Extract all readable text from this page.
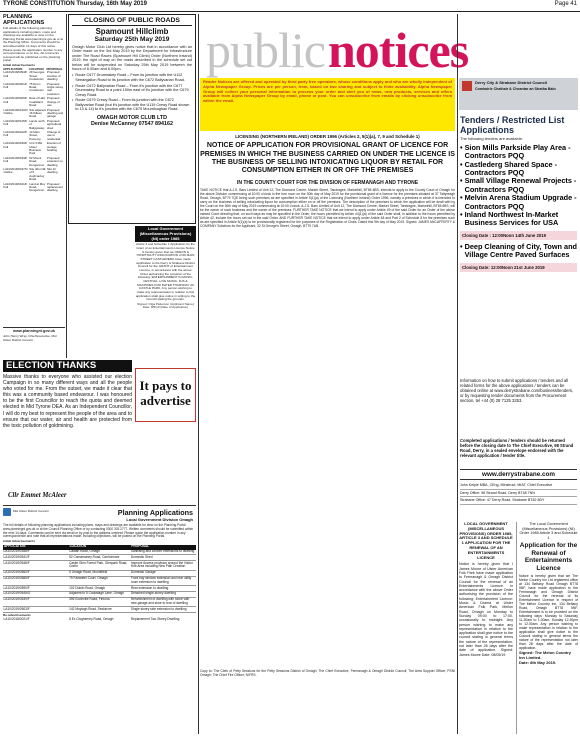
TYRONE CONSTITUTION Thursday, 16th May 2019	Page 41
PLANNING APPLICATIONS
Full details of the following planning applications including plans, maps and drawings are available to view on the Planning Portal www.planningni.gov.uk or at the Planning Office. Comments should be submitted within 14 days of this notice. Please quote the application number in any correspondence or on line. All comments received will be published on the planning portal.
Initial Advertisements
APPLICATION	LOCATION	PROPOSAL
LA10/2019/0394/F Full	29 Georges Street, Cookstown	Proposed erection of dwelling
LA10/2019/0401/F Full	75 Drum Road, Cookstown	Proposed single storey rear extension
LA10/2019/0406/F Full	Rear of Hall, Coalisland Road	Proposed change of use
LA10/2019/0410/O Outline	Site adjacent 16 Killeen Road	Proposed dwelling and garage
LA10/2019/0415/F Full	Lands north of Ballygawley	Proposed agricultural shed
LA10/2019/0422/F Full	14 Main Street, Pomeroy	Change of use to residential
LA10/2019/0430/F Full	Unit 3 Mid Ulster Business Park	Erection of storage building
LA10/2019/0433/F Full	62 Mount Road, Dungannon	Proposed extension to dwelling
LA10/2019/0437/O Outline	Site 40m NE of 5 Aughnacloy Road	Site for dwelling
LA10/2019/0441/F Full	Land at Moy Road, Dungannon	Proposed replacement dwelling
www.planningni.gov.uk
John Henry Wray, Chief Executive, Mid Ulster District Council
CLOSING OF PUBLIC ROADS
Spamount Hillclimb
Saturday 25th May 2019
Omagh Motor Club Ltd hereby gives notice that in accordance with an Order made on the 3rd May 2019 by the Department for Infrastructure under The Road Races (Spamount Hill Climb) Order (Northern Ireland) 2019, the right of way on the roads described in the schedule set out below will be suspended on Saturday 25th May 2019 between the hours of 8.00am and 6.00pm.
• Route C677 Drumnakey Road – From its junction with the U112 Seeangallon Road to its junction with the C672 Ballyvarlan Road.
• Route C672 Ballyvarlan Road – From it's junction with the C677 Drumnakey Road to a point 150m east of it's junction with the C679 Crewy Road.
• Route C679 Crewy Road – From its junction with the C672 Ballyvarlan Road (but it's junction with the U119 Crewy Road shown to 13 & 14) to it's junction with the C679 Mountloughan Road.
OMAGH MOTOR CLUB LTD
Denise McCanney 07547 894162
Local Government (Miscellaneous Provisions) (NI) order 1985
Article 3 and Schedule 1 Application for the Grant of an Entertainments Licence Notice is hereby given that we ODEON & HOSPITALITY ASSOCIATION of 69 MAIN STREET CASTLEDERG have made application to the Derry & Strabane District Council for the GRANT of Entertainment Licence, in accordance with the above Order authorising the provision of the following: ENTERTAINMENT IN MUSIC, FESTIVAL, LIVE MUSIC, DJS & MACHINES FOR DATED THURSDAY 26 CASTLE PARK, Any person wishing to make any representation in relation to this application shall give notice in writing to the Council stating the grounds.
Signed: Olga Patterson (Applicant Name) Date: 8/5/19 (Date of Application)
It pays to
advertise
ELECTION THANKS
Massive thanks to everyone who assisted our election Campaign in so many different ways and all the people who voted for me. From the outset, we made it clear that this was a community based endeavour. I was honoured to be the first Councillor to reach the quota and deemed elected in Mid Tyrone DEA. As an Independent Councillor, I will do my best to represent the people of the area and to ensure that our water, air and health are protected from the toxic pollution of goldmining.
Cllr Emmet McAleer
Mid Ulster District Council	Planning Applications
Local Government Division Omagh
The full details of following planning applications including plans, maps and drawings are available for view on the Planning Portal www.planningni.gov.uk or at the Council Planning Office or by contacting 0300 303 2777. Written comments should be submitted within the next 14 days. Comments can be sent via email or by post to the address overleaf. Please quote the application number in any correspondence and note that all representations made, including objections, will be posted on the Planning Portal.
Initial Advertisements
APPLICATION	LOCATION	PROPOSAL
LA10/2019/0358/F	Cadian Road, Omagh	Sanitising and concert extensions to dwelling
LA10/2019/0541/F	52 Carnamaney Road, Carrickmore	Domestic Shed
LA10/2019/0548/F	Castle Glen Forest Park, Glenpark Road, Gortin	Improve Access provision around the Visitor Hub Area including New Path Creation
LA10/2019/0560/F	5 Omagh Road, Mountfield	Domestic Garage
LA10/2019/0585/F	75 Fairwater Court, Omagh	Front bay window extension and rear utility room extension to dwelling
LA10/2019/0590/F	102 Dublin Road, Omagh	Rear extension to dwelling
LA10/2019/0545/O	Adjacent to 5 Cookstagh Lane, Omagh	Detached single-storey dwelling
LA10/2019/0539/F	395 Eccleville Road, Fintona	Refurbishment of dwelling with stone with new garage and store to rear of dwelling
LA10/2019/0503/F	142 Moylagh Road, Seskinore	Single storey side extension to dwelling
Re-advertisements
LA10/2018/0021/F	8 Ex Clogherney Road, Omagh	Replacement Two Storey Dwelling
public notices
Reader Notices are offered and operated by third party free operators, whose conditions apply and who are wholly independent of Alpha Newspaper Group. Prices are per person, from, based on two sharing and subject to finite availability. Alpha Newspaper Group will collect your personal information to process your order and alert you of news, new products, services and offers available from Alpha Newspaper Group by email, phone or post. You can unsubscribe from emails by clicking unsubscribe from within the email.
LICENSING (NORTHERN IRELAND) ORDER 1996 (Articles 2, 5(1)(a), 7, 9 and Schedule 1)
NOTICE OF APPLICATION FOR PROVISIONAL GRANT OF LICENCE FOR PREMISES IN WHICH THE BUSINESS CARRIED ON UNDER THE LICENCE IS THE BUSINESS OF SELLING INTOXICATING LIQUOR BY RETAIL FOR CONSUMPTION EITHER IN OR OFF THE PREMISES
IN THE COUNTY COURT FOR THE DIVISION OF FERMANAGH AND TYRONE
TAKE NOTICE that A.J.S. Bars Limited of Unit 12, The Diamond Centre, Market Street, Tandragee, Markethill, BT65 6BS, intends to apply to the County Court of Omagh for the above Division commencing at 10:00 o'clock in the fore noon on the 30th day of May 2019 for the provisional grant of a licence for the premises situated at 37 Tattyreagh Road, Omagh, BT79 7QE being such premises as are specified in Article 5(1)(a) of the Licensing (Northern Ireland) Order 1996, namely a premises in which it is intended to carry on the business of selling intoxicating liquor for consumption either on or off the premises. The description of the premises to which the application will be dealt with by the Court on the 30th day of May 2019 commencing at 10:00 o'clock. A.J.S. Bars Limited of Unit 12, The Diamond Centre, Market Street, Tandragee, Markethill, BT65 6BS, will be the owner of such business and the owner of the premises. FURTHER TAKE NOTICE that we intend to apply under Article 49 of the said Order for an Order of the above named Court directing that, on such days as may be specified in the Order, the hours permitted by Article 44(1)(a) of the said Order shall, in addition to the hours permitted by Article 42, include the hours set out in the said Order. AND FURTHER TAKE NOTICE that we intend to apply under Article 48 and Part 2 of Schedule 8 for the premises such as are specified in Article 5(1)(a) to be provisionally registered for the purposes of the Registration of Clubs. Dated this 9th day of May 2019. Signed: JAMES McCAFFERTY & COMPANY Solicitors for the Applicant, 32 St George's Street, Omagh, BT79 7AB.
Copy to: The Clerk of Petty Sessions for the Petty Sessions District of Omagh; The Chief Executive, Fermanagh & Omagh District Council; The Area Support Officer, PSNI Omagh; The Chief Fire Officer, NIFRS.
Derry City & Strabane District Council
Comhairle Chathair & Cheantar an Stratha Báin
Tenders / Restricted List Applications
The following tenders are available:
• Sion Mills Parkside Play Area - Contractors PQQ
• Castlederg Shared Space - Contractors PQQ
• Small Village Renewal Projects - Contractors PQQ
• Melvin Arena Stadium Upgrade - Contractors PQQ
• Inland Northwest In-Market Business Services for USA
Closing Date : 12:00Noon 14th June 2019
• Deep Cleaning of City, Town and Village Centre Paved Surfaces
Closing Date: 12:00Noon 21st June 2019
Information on how to submit applications / tenders and all related forms for the above applications / tenders can be obtained online at www.derrystrabane.com/business/tenders, or by requesting tender documents from the Procurement section, tel +44 (0) 28 7125 3253.
Completed applications / tenders should be returned before the closing date to The Chief Executive, 98 Strand Road, Derry, in a sealed envelope endorsed with the relevant application / tender title.
www.derrystrabane.com
John Kelpie MBA, CEng, MInstruct, MIAT, Chief Executive
Derry Office: 98 Strand Road, Derry BT48 7NN
Strabane Office: 47 Derry Road, Strabane BT82 8DY
LOCAL GOVERNMENT (MISCELLANEOUS PROVISIONS) ORDER 1985, ARTICLE 3 AND SCHEDULE 1 APPLICATION FOR THE RENEWAL OF AN ENTERTAINMENTS LICENCE
Notice is hereby given that I James Moore of Ulster American Folk Park have made application to Fermanagh & Omagh District Council for the renewal of an Entertainments Licence in accordance with the above Order authorising the provision of the following: Entertainment Licence: Music & Drama at Ulster American Folk Park, Mellon Road, Omagh on Monday to Sunday 09:00 to 17:00, occasionally to midnight. Any person wishing to make any representation in relation to the application shall give notice to the council stating in general terms the nature of the representation, not later than 28 days after the date of application. Signed: James Moore Date: 08/05/19
The Local Government (Miscellaneous Provisions) (NI) Order 1985 Article 3 and Schedule 1
Application for the Renewal of Entertainments Licence
Notice is hereby given that we The Melon Country Inn Ltd registered office at 134 Beltany Road Omagh BT78 5NF, have made application to the Fermanagh and Omagh District Council for the renewal of its Entertainment Licence in respect of The Melon Country Inn, 134 Beltany Road, Omagh BT78 5NF. Entertainment is to be provided on the following days: Monday to Saturday 11.30am to 1.00am, Sunday 12.30pm to 12.00am. Any person wishing to make representation in relation to the application shall give notice to the Council stating in general terms the nature of the representation not later than 28 days after the date of application.
Signed: The Melon Country Inn Limited.
Date: 8th May 2019.
